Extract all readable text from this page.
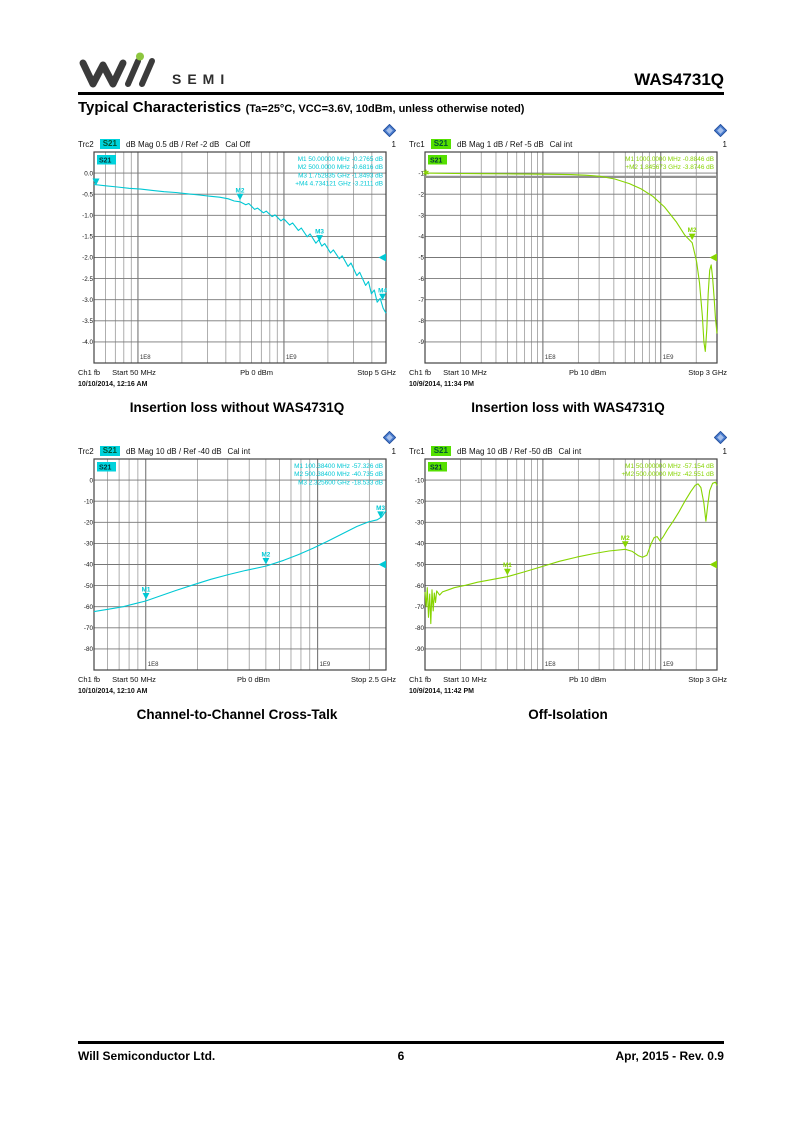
SEMI	WAS4731Q
Typical Characteristics (Ta=25°C, VCC=3.6V, 10dBm, unless otherwise noted)
Trc2	S21	dB Mag 0.5 dB / Ref -2 dB Cal Off	1
1E8	1E9
0.0
-0.5
-1.0
-1.5
-2.0
-2.5
-3.0
-3.5
-4.0
M1 50.00000 MHz -0.2765 dB
M2 500.0000 MHz -0.6816 dB
M3 1.752835 GHz -1.8493 dB
+M4 4.734121 GHz -3.2111 dB
S21
M2
M3
M4
Ch1 fb Start 50 MHz	Pb 0 dBm	Stop 5 GHz
10/10/2014, 12:16 AM
Insertion loss without WAS4731Q
Trc1	S21	dB Mag 1 dB / Ref -5 dB Cal int	1
1E8	1E9
-1
-2
-3
-4
-5
-6
-7
-8
-9
M1 1000.0000 MHz -0.8846 dB
+M2 1.845673 GHz -3.8746 dB
S21
M2
✱
Ch1 fb Start 10 MHz	Pb 10 dBm	Stop 3 GHz
10/9/2014, 11:34 PM
Insertion loss with WAS4731Q
Trc2	S21	dB Mag 10 dB / Ref -40 dB Cal int	1
1E8	1E9
0
-10
-20
-30
-40
-50
-60
-70
-80
M1 100.38400 MHz -57.326 dB
M2 500.38400 MHz -40.735 dB
M3 2.325600 GHz -18.533 dB
S21
M1
M2
M3
Ch1 fb Start 50 MHz	Pb 0 dBm	Stop 2.5 GHz
10/10/2014, 12:10 AM
Channel-to-Channel Cross-Talk
Trc1	S21	dB Mag 10 dB / Ref -50 dB Cal int	1
1E8	1E9
-10
-20
-30
-40
-50
-60
-70
-80
-90
M1 50.000000 MHz -57.154 dB
+M2 500.00000 MHz -42.551 dB
S21
M1
M2
Ch1 fb Start 10 MHz	Pb 10 dBm	Stop 3 GHz
10/9/2014, 11:42 PM
Off-Isolation
Will Semiconductor Ltd.	6	Apr, 2015 - Rev. 0.9
